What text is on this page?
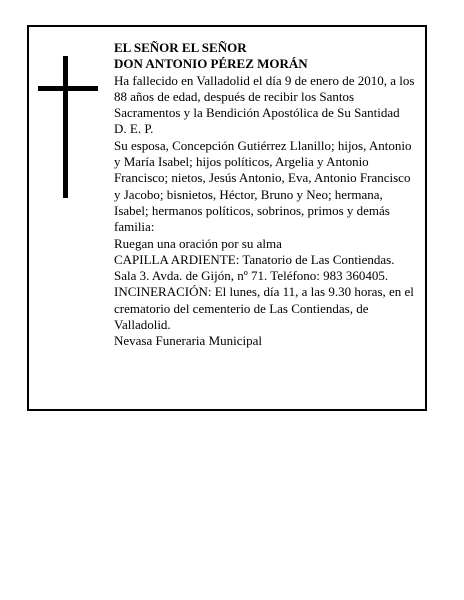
EL SEÑOR EL SEÑOR

DON ANTONIO PÉREZ MORÁN

Ha fallecido en Valladolid el día 9 de enero de 2010, a los 88 años de edad, después de recibir los Santos Sacramentos y la Bendición Apostólica de Su Santidad

D. E. P.

Su esposa, Concepción Gutiérrez Llanillo; hijos, Antonio y María Isabel; hijos políticos, Argelia y Antonio Francisco; nietos, Jesús Antonio, Eva, Antonio Francisco y Jacobo; bisnietos, Héctor, Bruno y Neo; hermana, Isabel; hermanos políticos, sobrinos, primos y demás familia:

Ruegan una oración por su alma

CAPILLA ARDIENTE: Tanatorio de Las Contiendas. Sala 3. Avda. de Gijón, nº 71. Teléfono: 983 360405.

INCINERACIÓN: El lunes, día 11, a las 9.30 horas, en el crematorio del cementerio de Las Contiendas, de Valladolid.

Nevasa Funeraria Municipal
